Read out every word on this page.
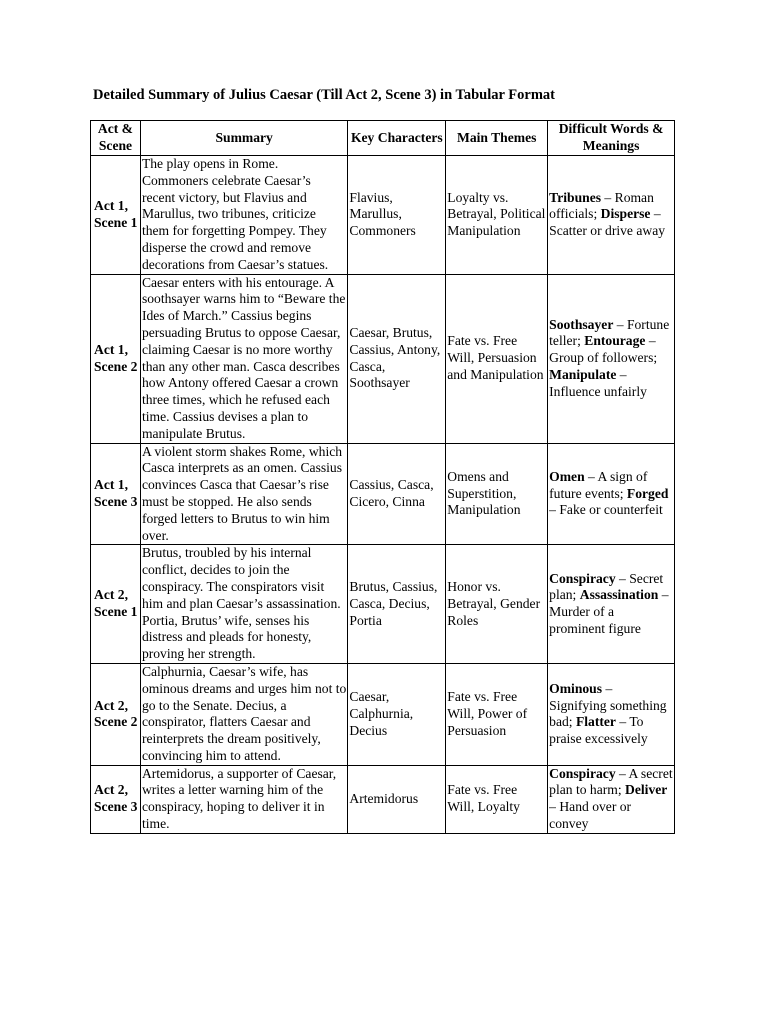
Detailed Summary of Julius Caesar (Till Act 2, Scene 3) in Tabular Format
Act & Scene	Summary	Key Characters	Main Themes	Difficult Words & Meanings
Act 1, Scene 1	The play opens in Rome. Commoners celebrate Caesar’s recent victory, but Flavius and Marullus, two tribunes, criticize them for forgetting Pompey. They disperse the crowd and remove decorations from Caesar’s statues.	Flavius, Marullus, Commoners	Loyalty vs. Betrayal, Political Manipulation	Tribunes – Roman officials; Disperse – Scatter or drive away
Act 1, Scene 2	Caesar enters with his entourage. A soothsayer warns him to “Beware the Ides of March.” Cassius begins persuading Brutus to oppose Caesar, claiming Caesar is no more worthy than any other man. Casca describes how Antony offered Caesar a crown three times, which he refused each time. Cassius devises a plan to manipulate Brutus.	Caesar, Brutus, Cassius, Antony, Casca, Soothsayer	Fate vs. Free Will, Persuasion and Manipulation	Soothsayer – Fortune teller; Entourage – Group of followers; Manipulate – Influence unfairly
Act 1, Scene 3	A violent storm shakes Rome, which Casca interprets as an omen. Cassius convinces Casca that Caesar’s rise must be stopped. He also sends forged letters to Brutus to win him over.	Cassius, Casca, Cicero, Cinna	Omens and Superstition, Manipulation	Omen – A sign of future events; Forged – Fake or counterfeit
Act 2, Scene 1	Brutus, troubled by his internal conflict, decides to join the conspiracy. The conspirators visit him and plan Caesar’s assassination. Portia, Brutus’ wife, senses his distress and pleads for honesty, proving her strength.	Brutus, Cassius, Casca, Decius, Portia	Honor vs. Betrayal, Gender Roles	Conspiracy – Secret plan; Assassination – Murder of a prominent figure
Act 2, Scene 2	Calphurnia, Caesar’s wife, has ominous dreams and urges him not to go to the Senate. Decius, a conspirator, flatters Caesar and reinterprets the dream positively, convincing him to attend.	Caesar, Calphurnia, Decius	Fate vs. Free Will, Power of Persuasion	Ominous – Signifying something bad; Flatter – To praise excessively
Act 2, Scene 3	Artemidorus, a supporter of Caesar, writes a letter warning him of the conspiracy, hoping to deliver it in time.	Artemidorus	Fate vs. Free Will, Loyalty	Conspiracy – A secret plan to harm; Deliver – Hand over or convey
